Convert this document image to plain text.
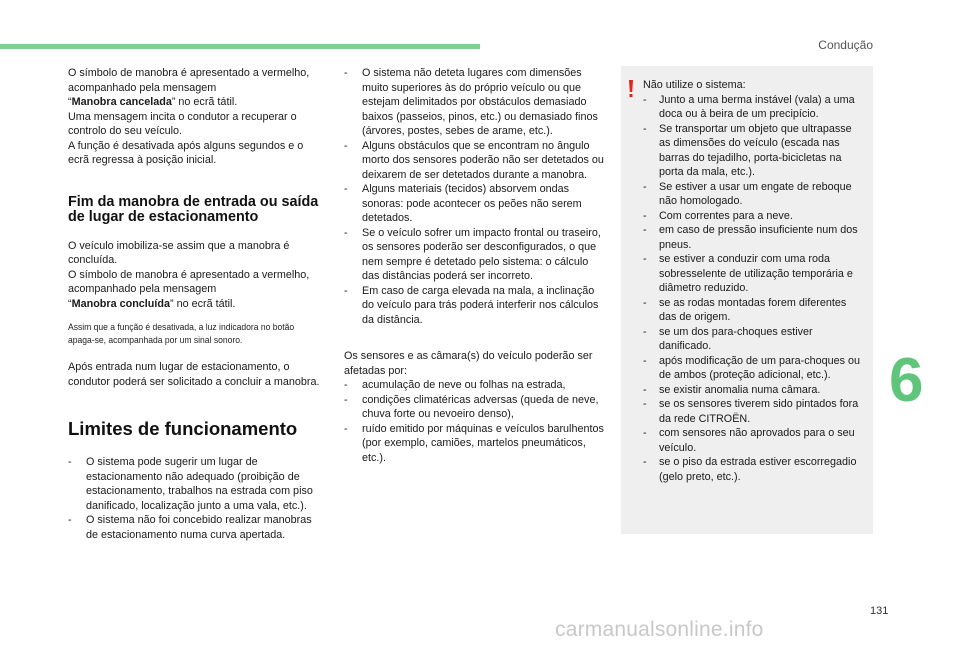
Condução

O símbolo de manobra é apresentado a vermelho, acompanhado pela mensagem
“Manobra cancelada” no ecrã tátil.

Uma mensagem incita o condutor a recuperar o controlo do seu veículo.

A função é desativada após alguns segundos e o ecrã regressa à posição inicial.

Fim da manobra de entrada ou saída de lugar de estacionamento

O veículo imobiliza-se assim que a manobra é concluída.

O símbolo de manobra é apresentado a vermelho, acompanhado pela mensagem
“Manobra concluída” no ecrã tátil.

Assim que a função é desativada, a luz indicadora no botão apaga-se, acompanhada por um sinal sonoro.

Após entrada num lugar de estacionamento, o condutor poderá ser solicitado a concluir a manobra.

Limites de funcionamento
- O sistema pode sugerir um lugar de estacionamento não adequado (proibição de estacionamento, trabalhos na estrada com piso danificado, localização junto a uma vala, etc.).
- O sistema não foi concebido realizar manobras de estacionamento numa curva apertada.
- O sistema não deteta lugares com dimensões muito superiores às do próprio veículo ou que estejam delimitados por obstáculos demasiado baixos (passeios, pinos, etc.) ou demasiado finos (árvores, postes, sebes de arame, etc.).
- Alguns obstáculos que se encontram no ângulo morto dos sensores poderão não ser detetados ou deixarem de ser detetados durante a manobra.
- Alguns materiais (tecidos) absorvem ondas sonoras: pode acontecer os peões não serem detetados.
- Se o veículo sofrer um impacto frontal ou traseiro, os sensores poderão ser desconfigurados, o que nem sempre é detetado pelo sistema: o cálculo das distâncias poderá ser incorreto.
- Em caso de carga elevada na mala, a inclinação do veículo para trás poderá interferir nos cálculos da distância.

Os sensores e as câmara(s) do veículo poderão ser afetadas por:

- acumulação de neve ou folhas na estrada,
- condições climatéricas adversas (queda de neve, chuva forte ou nevoeiro denso),
- ruído emitido por máquinas e veículos barulhentos (por exemplo, camiões, martelos pneumáticos, etc.).

Não utilize o sistema:

- Junto a uma berma instável (vala) a uma doca ou à beira de um precipício.
- Se transportar um objeto que ultrapasse as dimensões do veículo (escada nas barras do tejadilho, porta-bicicletas na porta da mala, etc.).
- Se estiver a usar um engate de reboque não homologado.
- Com correntes para a neve.
- em caso de pressão insuficiente num dos pneus.
- se estiver a conduzir com uma roda sobresselente de utilização temporária e diâmetro reduzido.
- se as rodas montadas forem diferentes das de origem.
- se um dos para-choques estiver danificado.
- após modificação de um para-choques ou de ambos (proteção adicional, etc.).
- se existir anomalia numa câmara.
- se os sensores tiverem sido pintados fora da rede CITROËN.
- com sensores não aprovados para o seu veículo.
- se o piso da estrada estiver escorregadio (gelo preto, etc.).
6
131
carmanualsonline.info
